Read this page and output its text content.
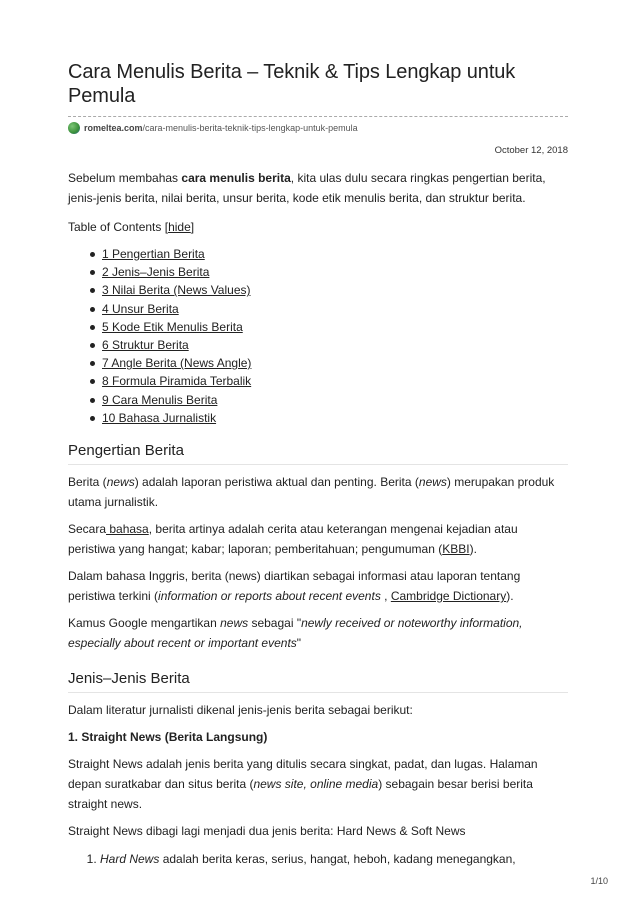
Cara Menulis Berita – Teknik & Tips Lengkap untuk Pemula
romeltea.com/cara-menulis-berita-teknik-tips-lengkap-untuk-pemula
October 12, 2018

Sebelum membahas cara menulis berita, kita ulas dulu secara ringkas pengertian berita, jenis-jenis berita, nilai berita, unsur berita, kode etik menulis berita, dan struktur berita.

Table of Contents [hide]

1 Pengertian Berita
2 Jenis–Jenis Berita
3 Nilai Berita (News Values)
4 Unsur Berita
5 Kode Etik Menulis Berita
6 Struktur Berita
7 Angle Berita (News Angle)
8 Formula Piramida Terbalik
9 Cara Menulis Berita
10 Bahasa Jurnalistik
Pengertian Berita

Berita (news) adalah laporan peristiwa aktual dan penting. Berita (news) merupakan produk utama jurnalistik.

Secara bahasa, berita artinya adalah cerita atau keterangan mengenai kejadian atau peristiwa yang hangat; kabar; laporan; pemberitahuan; pengumuman (KBBI).

Dalam bahasa Inggris, berita (news) diartikan sebagai informasi atau laporan tentang peristiwa terkini (information or reports about recent events , Cambridge Dictionary).

Kamus Google mengartikan news sebagai "newly received or noteworthy information, especially about recent or important events"

Jenis–Jenis Berita

Dalam literatur jurnalisti dikenal jenis-jenis berita sebagai berikut:

1. Straight News (Berita Langsung)

Straight News adalah jenis berita yang ditulis secara singkat, padat, dan lugas. Halaman depan suratkabar dan situs berita (news site, online media) sebagain besar berisi berita straight news.

Straight News dibagi lagi menjadi dua jenis berita: Hard News & Soft News

1. Hard News adalah berita keras, serius, hangat, heboh, kadang menegangkan,
1/10
